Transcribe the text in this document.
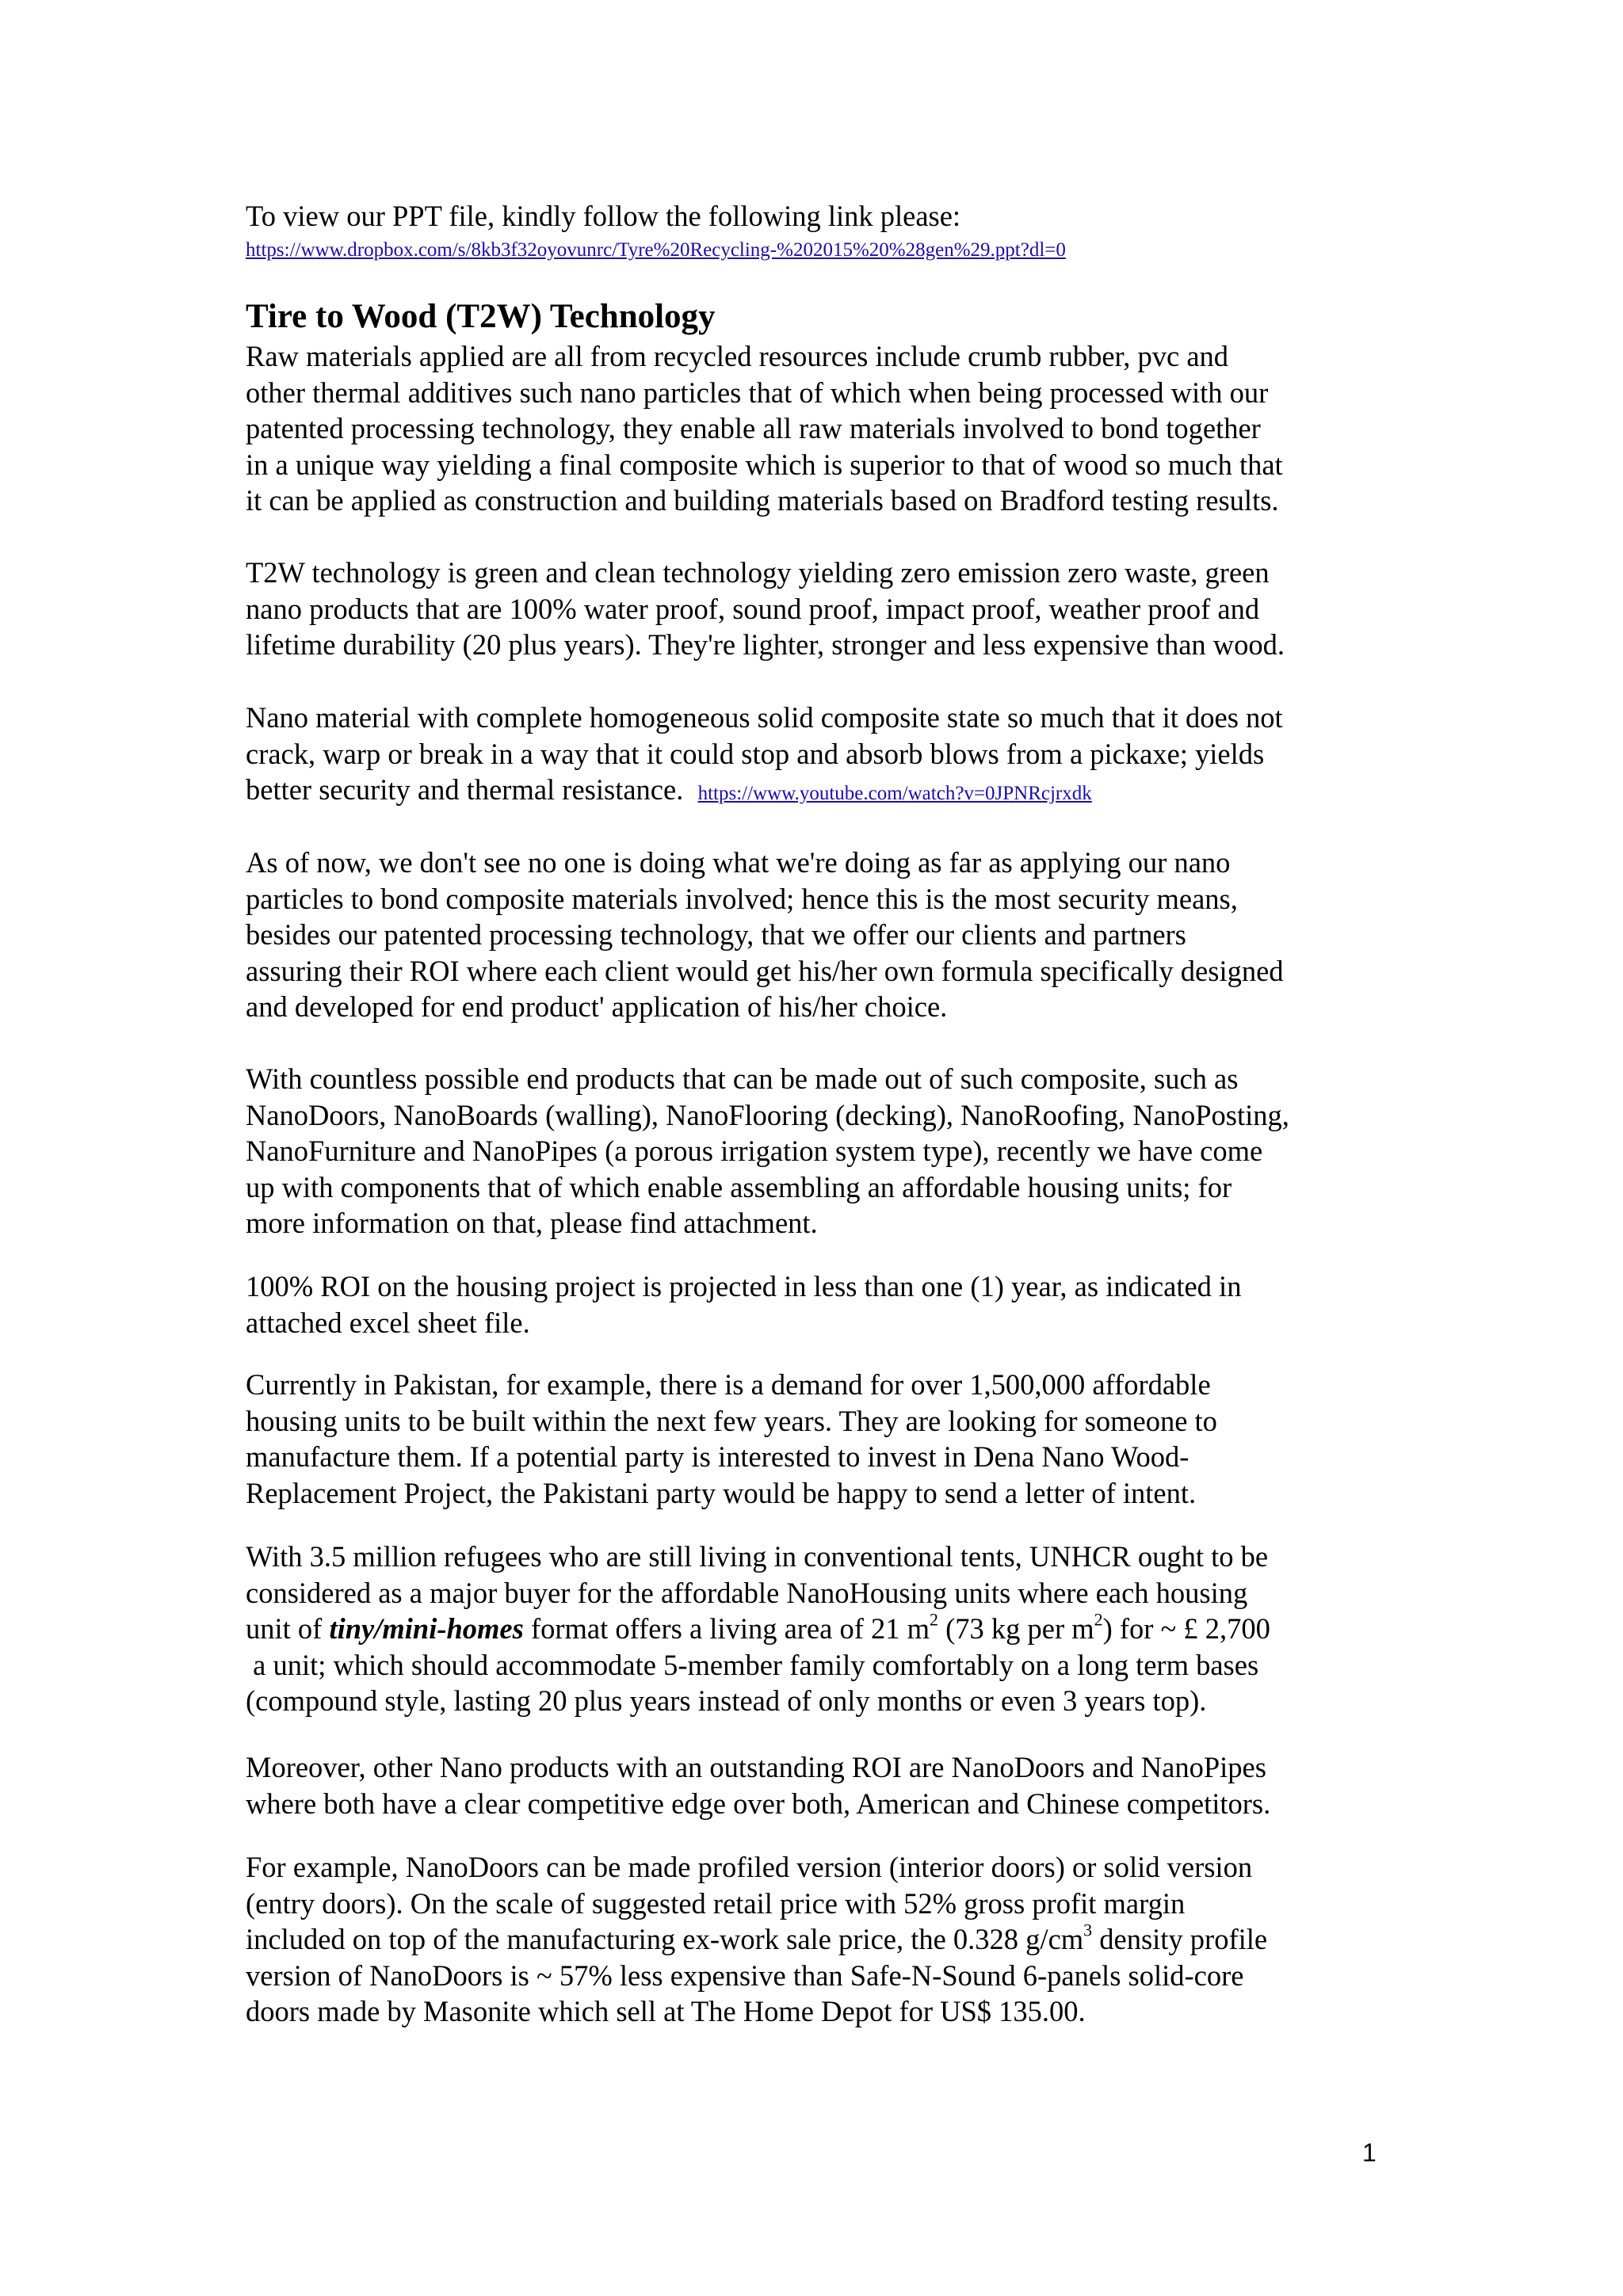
To view our PPT file, kindly follow the following link please:

https://www.dropbox.com/s/8kb3f32oyovunrc/Tyre%20Recycling-%202015%20%28gen%29.ppt?dl=0

Tire to Wood (T2W) Technology

Raw materials applied are all from recycled resources include crumb rubber, pvc and

other thermal additives such nano particles that of which when being processed with our

patented processing technology, they enable all raw materials involved to bond together

in a unique way yielding a final composite which is superior to that of wood so much that

it can be applied as construction and building materials based on Bradford testing results.

T2W technology is green and clean technology yielding zero emission zero waste, green

nano products that are 100% water proof, sound proof, impact proof, weather proof and

lifetime durability (20 plus years). They're lighter, stronger and less expensive than wood.

Nano material with complete homogeneous solid composite state so much that it does not

crack, warp or break in a way that it could stop and absorb blows from a pickaxe; yields

better security and thermal resistance. https://www.youtube.com/watch?v=0JPNRcjrxdk

As of now, we don't see no one is doing what we're doing as far as applying our nano

particles to bond composite materials involved; hence this is the most security means,

besides our patented processing technology, that we offer our clients and partners

assuring their ROI where each client would get his/her own formula specifically designed

and developed for end product' application of his/her choice.

With countless possible end products that can be made out of such composite, such as

NanoDoors, NanoBoards (walling), NanoFlooring (decking), NanoRoofing, NanoPosting,

NanoFurniture and NanoPipes (a porous irrigation system type), recently we have come

up with components that of which enable assembling an affordable housing units; for

more information on that, please find attachment.

100% ROI on the housing project is projected in less than one (1) year, as indicated in

attached excel sheet file.

Currently in Pakistan, for example, there is a demand for over 1,500,000 affordable

housing units to be built within the next few years. They are looking for someone to

manufacture them. If a potential party is interested to invest in Dena Nano Wood-

Replacement Project, the Pakistani party would be happy to send a letter of intent.

With 3.5 million refugees who are still living in conventional tents, UNHCR ought to be

considered as a major buyer for the affordable NanoHousing units where each housing

unit of tiny/mini-homes format offers a living area of 21 $m^2$ (73 kg per $m^2$) for ~ £ 2,700

a unit; which should accommodate 5-member family comfortably on a long term bases

(compound style, lasting 20 plus years instead of only months or even 3 years top).

Moreover, other Nano products with an outstanding ROI are NanoDoors and NanoPipes

where both have a clear competitive edge over both, American and Chinese competitors.

For example, NanoDoors can be made profiled version (interior doors) or solid version

(entry doors). On the scale of suggested retail price with 52% gross profit margin

included on top of the manufacturing ex-work sale price, the 0.328 $g/cm^3$ density profile

version of NanoDoors is ~ 57% less expensive than Safe-N-Sound 6-panels solid-core

doors made by Masonite which sell at The Home Depot for US$ 135.00.

1
